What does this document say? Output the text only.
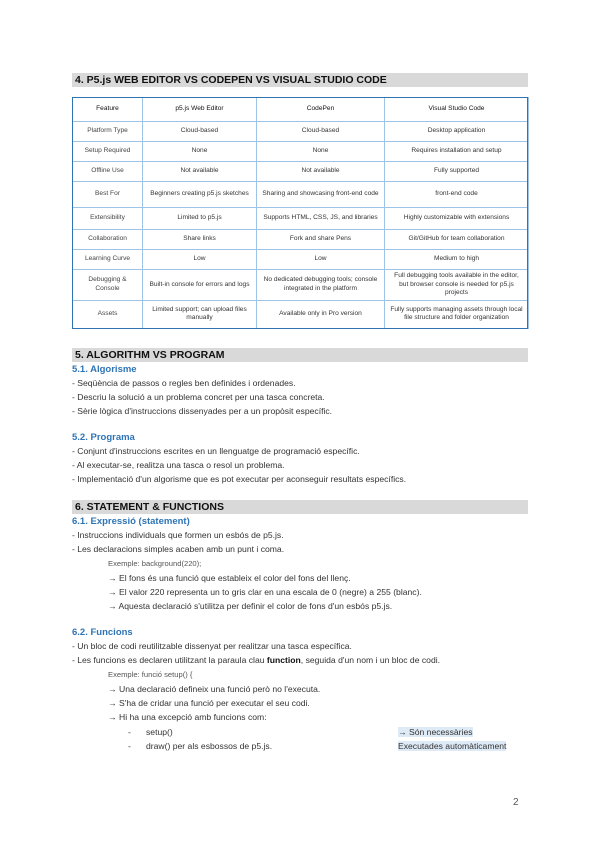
4. P5.js WEB EDITOR VS CODEPEN VS VISUAL STUDIO CODE
Feature	p5.js Web Editor	CodePen	Visual Studio Code
Platform Type	Cloud-based	Cloud-based	Desktop application
Setup Required	None	None	Requires installation and setup
Offline Use	Not available	Not available	Fully supported
Best For	Beginners creating p5.js sketches	Sharing and showcasing front-end code	front-end code
Extensibility	Limited to p5.js	Supports HTML, CSS, JS, and libraries	Highly customizable with extensions
Collaboration	Share links	Fork and share Pens	Git/GitHub for team collaboration
Learning Curve	Low	Low	Medium to high
Debugging & Console	Built-in console for errors and logs	No dedicated debugging tools; console integrated in the platform	Full debugging tools available in the editor, but browser console is needed for p5.js projects
Assets	Limited support; can upload files manually	Available only in Pro version	Fully supports managing assets through local file structure and folder organization
5. ALGORITHM VS PROGRAM
5.1. Algorisme
- Seqüència de passos o regles ben definides i ordenades.
- Descriu la solució a un problema concret per una tasca concreta.
- Sèrie lògica d'instruccions dissenyades per a un propòsit específic.
5.2. Programa
- Conjunt d'instruccions escrites en un llenguatge de programació específic.
- Al executar-se, realitza una tasca o resol un problema.
- Implementació d'un algorisme que es pot executar per aconseguir resultats específics.
6. STATEMENT & FUNCTIONS
6.1. Expressió (statement)
- Instruccions individuals que formen un esbós de p5.js.
- Les declaracions simples acaben amb un punt i coma.
Exemple: background(220);
→ El fons és una funció que estableix el color del fons del llenç.
→ El valor 220 representa un to gris clar en una escala de 0 (negre) a 255 (blanc).
→ Aquesta declaració s'utilitza per definir el color de fons d'un esbós p5.js.
6.2. Funcions
- Un bloc de codi reutilitzable dissenyat per realitzar una tasca específica.
- Les funcions es declaren utilitzant la paraula clau function, seguida d'un nom i un bloc de codi.
Exemple: funció setup() {
→ Una declaració defineix una funció però no l'executa.
→ S'ha de cridar una funció per executar el seu codi.
→ Hi ha una excepció amb funcions com:
- setup()	→ Són necessàries
- draw() per als esbossos de p5.js.	Executades automàticament
2
